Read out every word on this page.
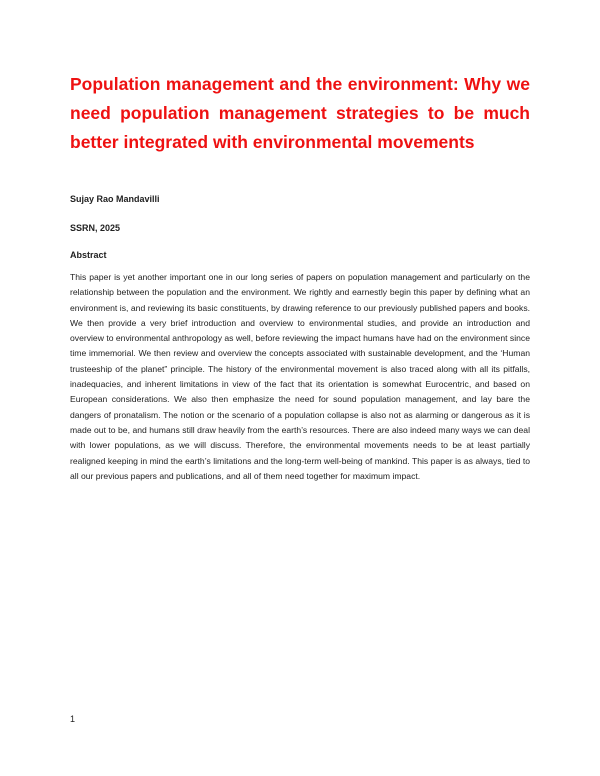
Population management and the environment: Why we need population management strategies to be much better integrated with environmental movements
Sujay Rao Mandavilli
SSRN, 2025
Abstract

This paper is yet another important one in our long series of papers on population management and particularly on the relationship between the population and the environment. We rightly and earnestly begin this paper by defining what an environment is, and reviewing its basic constituents, by drawing reference to our previously published papers and books. We then provide a very brief introduction and overview to environmental studies, and provide an introduction and overview to environmental anthropology as well, before reviewing the impact humans have had on the environment since time immemorial. We then review and overview the concepts associated with sustainable development, and the ‘Human trusteeship of the planet” principle. The history of the environmental movement is also traced along with all its pitfalls, inadequacies, and inherent limitations in view of the fact that its orientation is somewhat Eurocentric, and based on European considerations. We also then emphasize the need for sound population management, and lay bare the dangers of pronatalism. The notion or the scenario of a population collapse is also not as alarming or dangerous as it is made out to be, and humans still draw heavily from the earth’s resources. There are also indeed many ways we can deal with lower populations, as we will discuss. Therefore, the environmental movements needs to be at least partially realigned keeping in mind the earth’s limitations and the long-term well-being of mankind. This paper is as always, tied to all our previous papers and publications, and all of them need together for maximum impact.

1
